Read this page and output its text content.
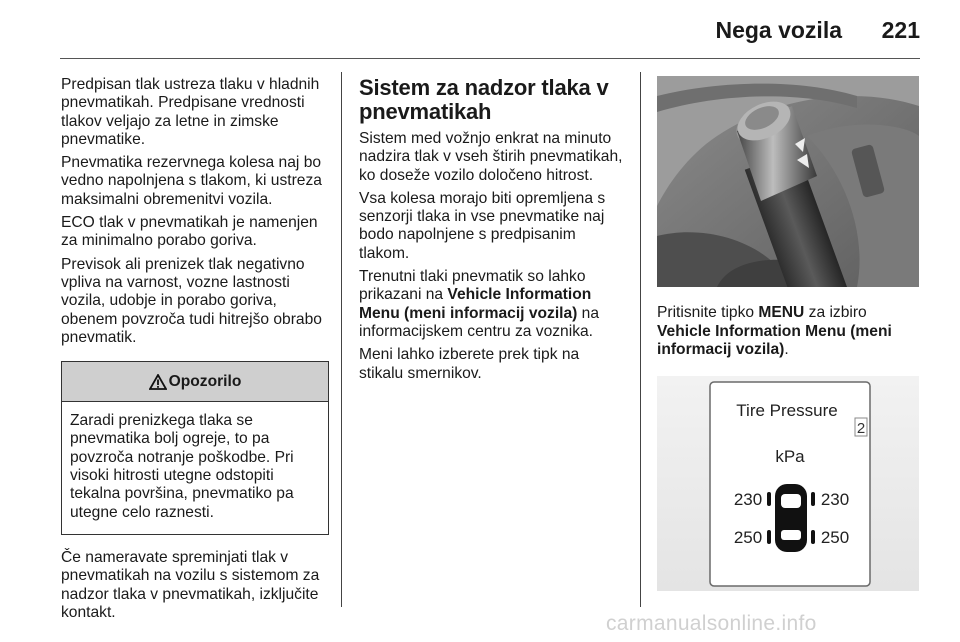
Nega vozila 221

Predpisan tlak ustreza tlaku v hladnih pnevmatikah. Predpisane vrednosti tlakov veljajo za letne in zimske pnevmatike.

Pnevmatika rezervnega kolesa naj bo vedno napolnjena s tlakom, ki ustreza maksimalni obremenitvi vozila.

ECO tlak v pnevmatikah je namenjen za minimalno porabo goriva.

Previsok ali prenizek tlak negativno vpliva na varnost, vozne lastnosti vozila, udobje in porabo goriva, obenem povzroča tudi hitrejšo obrabo pnevmatik.

Opozorilo
Zaradi prenizkega tlaka se pnevmatika bolj ogreje, to pa povzroča notranje poškodbe. Pri visoki hitrosti utegne odstopiti tekalna površina, pnevmatiko pa utegne celo raznesti.

Če nameravate spreminjati tlak v pnevmatikah na vozilu s sistemom za nadzor tlaka v pnevmatikah, izključite kontakt.

Sistem za nadzor tlaka v pnevmatikah

Sistem med vožnjo enkrat na minuto nadzira tlak v vseh štirih pnevmatikah, ko doseže vozilo določeno hitrost.

Vsa kolesa morajo biti opremljena s senzorji tlaka in vse pnevmatike naj bodo napolnjene s predpisanim tlakom.

Trenutni tlaki pnevmatik so lahko prikazani na Vehicle Information Menu (meni informacij vozila) na informacijskem centru za voznika.

Meni lahko izberete prek tipk na stikalu smernikov.

Pritisnite tipko MENU za izbiro Vehicle Information Menu (meni informacij vozila).

Tire Pressure
2
kPa
230	230
250	250
carmanualsonline.info
